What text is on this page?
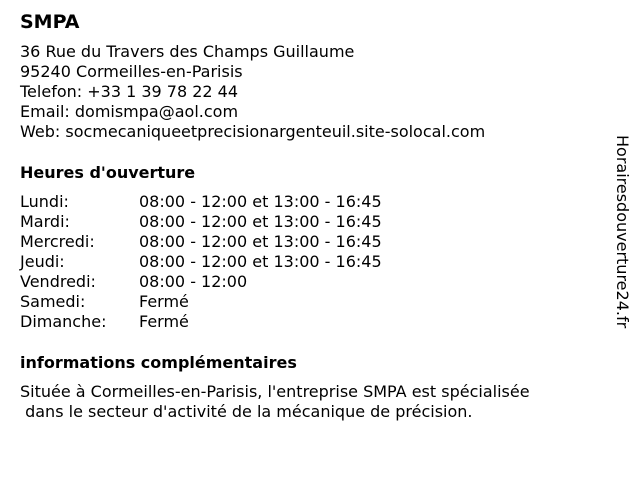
SMPA
36 Rue du Travers des Champs Guillaume
95240 Cormeilles-en-Parisis
Telefon: +33 1 39 78 22 44
Email: domismpa@aol.com
Web: socmecaniqueetprecisionargenteuil.site-solocal.com
Heures d'ouverture
Lundi:	08:00 - 12:00 et 13:00 - 16:45
Mardi:	08:00 - 12:00 et 13:00 - 16:45
Mercredi:	08:00 - 12:00 et 13:00 - 16:45
Jeudi:	08:00 - 12:00 et 13:00 - 16:45
Vendredi:	08:00 - 12:00
Samedi:	Fermé
Dimanche:	Fermé
informations complémentaires
Située à Cormeilles-en-Parisis, l'entreprise SMPA est spécialisée
dans le secteur d'activité de la mécanique de précision.
Horairesdouverture24.fr
